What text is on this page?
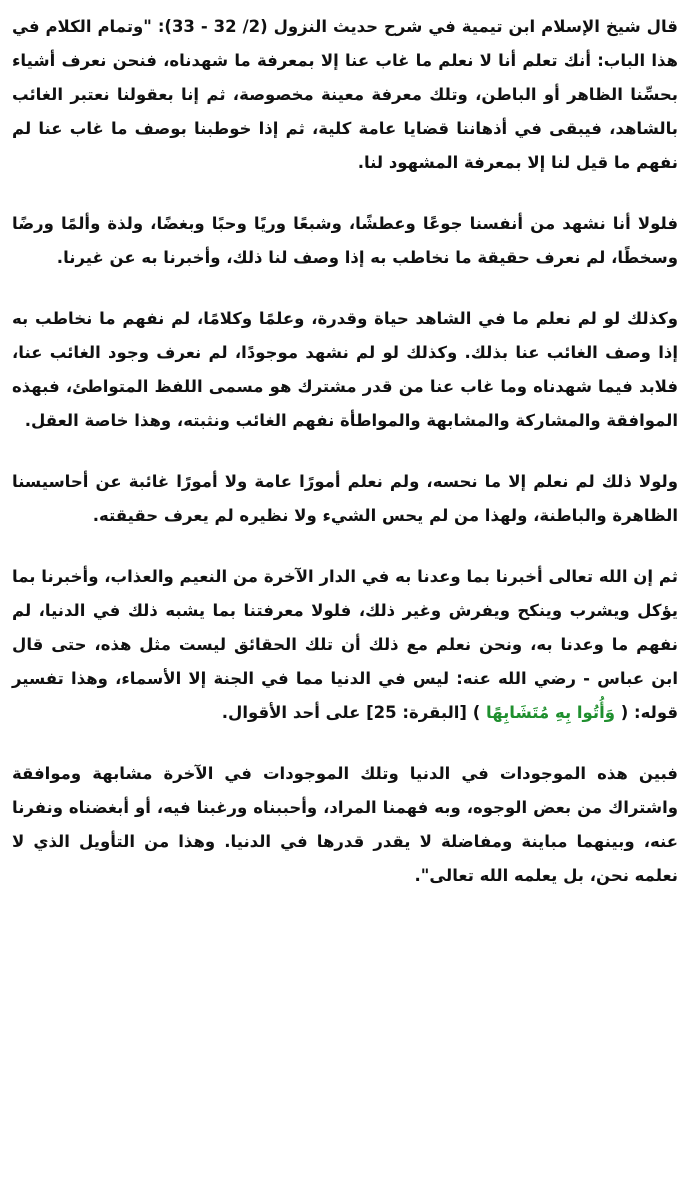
قال شيخ الإسلام ابن تيمية في شرح حديث النزول (2/ 32 - 33): "وتمام الكلام في هذا الباب: أنك تعلم أنا لا نعلم ما غاب عنا إلا بمعرفة ما شهدناه، فنحن نعرف أشياء بحسِّنا الظاهر أو الباطن، وتلك معرفة معينة مخصوصة، ثم إنا بعقولنا نعتبر الغائب بالشاهد، فيبقى في أذهاننا قضايا عامة كلية، ثم إذا خوطبنا بوصف ما غاب عنا لم نفهم ما قيل لنا إلا بمعرفة المشهود لنا.

فلولا أنا نشهد من أنفسنا جوعًا وعطشًا، وشبعًا وريًا وحبًا وبغضًا، ولذة وألمًا ورضًا وسخطًا، لم نعرف حقيقة ما نخاطب به إذا وصف لنا ذلك، وأخبرنا به عن غيرنا.

وكذلك لو لم نعلم ما في الشاهد حياة وقدرة، وعلمًا وكلامًا، لم نفهم ما نخاطب به إذا وصف الغائب عنا بذلك. وكذلك لو لم نشهد موجودًا، لم نعرف وجود الغائب عنا، فلابد فيما شهدناه وما غاب عنا من قدر مشترك هو مسمى اللفظ المتواطئ، فبهذه الموافقة والمشاركة والمشابهة والمواطأة نفهم الغائب ونثبته، وهذا خاصة العقل.

ولولا ذلك لم نعلم إلا ما نحسه، ولم نعلم أمورًا عامة ولا أمورًا غائبة عن أحاسيسنا الظاهرة والباطنة، ولهذا من لم يحس الشيء ولا نظيره لم يعرف حقيقته.

ثم إن الله تعالى أخبرنا بما وعدنا به في الدار الآخرة من النعيم والعذاب، وأخبرنا بما يؤكل ويشرب وينكح ويفرش وغير ذلك، فلولا معرفتنا بما يشبه ذلك في الدنيا، لم نفهم ما وعدنا به، ونحن نعلم مع ذلك أن تلك الحقائق ليست مثل هذه، حتى قال ابن عباس - رضي الله عنه: ليس في الدنيا مما في الجنة إلا الأسماء، وهذا تفسير قوله: ( وَأُتُوا بِهِ مُتَشَابِهًا ) [البقرة: 25] على أحد الأقوال.

فبين هذه الموجودات في الدنيا وتلك الموجودات في الآخرة مشابهة وموافقة واشتراك من بعض الوجوه، وبه فهمنا المراد، وأحببناه ورغبنا فيه، أو أبغضناه ونفرنا عنه، وبينهما مباينة ومفاضلة لا يقدر قدرها في الدنيا. وهذا من التأويل الذي لا نعلمه نحن، بل يعلمه الله تعالى".
